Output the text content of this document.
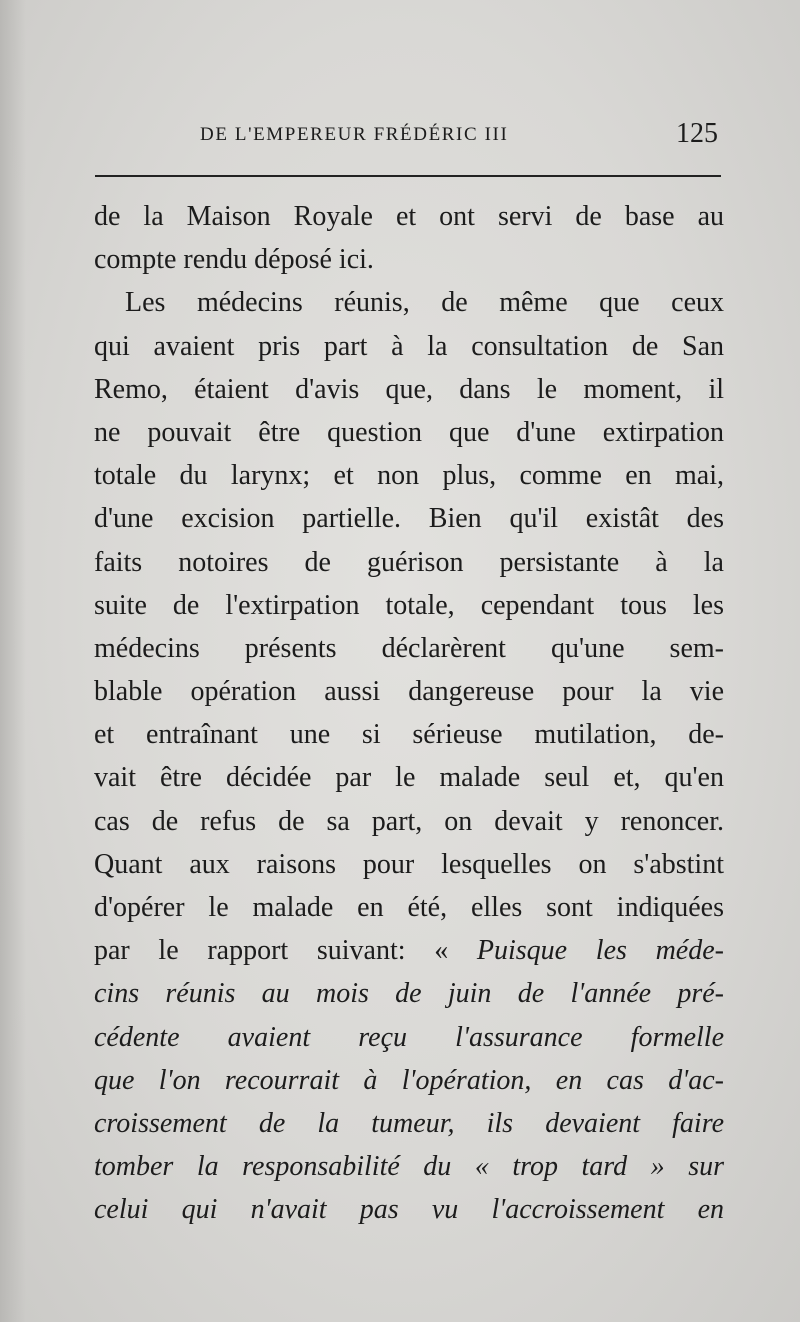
DE L'EMPEREUR FRÉDÉRIC III	125
de la Maison Royale et ont servi de base au
compte rendu déposé ici.
Les médecins réunis, de même que ceux
qui avaient pris part à la consultation de San
Remo, étaient d'avis que, dans le moment, il
ne pouvait être question que d'une extirpation
totale du larynx; et non plus, comme en mai,
d'une excision partielle. Bien qu'il existât des
faits notoires de guérison persistante à la
suite de l'extirpation totale, cependant tous les
médecins présents déclarèrent qu'une sem-
blable opération aussi dangereuse pour la vie
et entraînant une si sérieuse mutilation, de-
vait être décidée par le malade seul et, qu'en
cas de refus de sa part, on devait y renoncer.
Quant aux raisons pour lesquelles on s'abstint
d'opérer le malade en été, elles sont indiquées
par le rapport suivant: « Puisque les méde-
cins réunis au mois de juin de l'année pré-
cédente avaient reçu l'assurance formelle
que l'on recourrait à l'opération, en cas d'ac-
croissement de la tumeur, ils devaient faire
tomber la responsabilité du « trop tard » sur
celui qui n'avait pas vu l'accroissement en
